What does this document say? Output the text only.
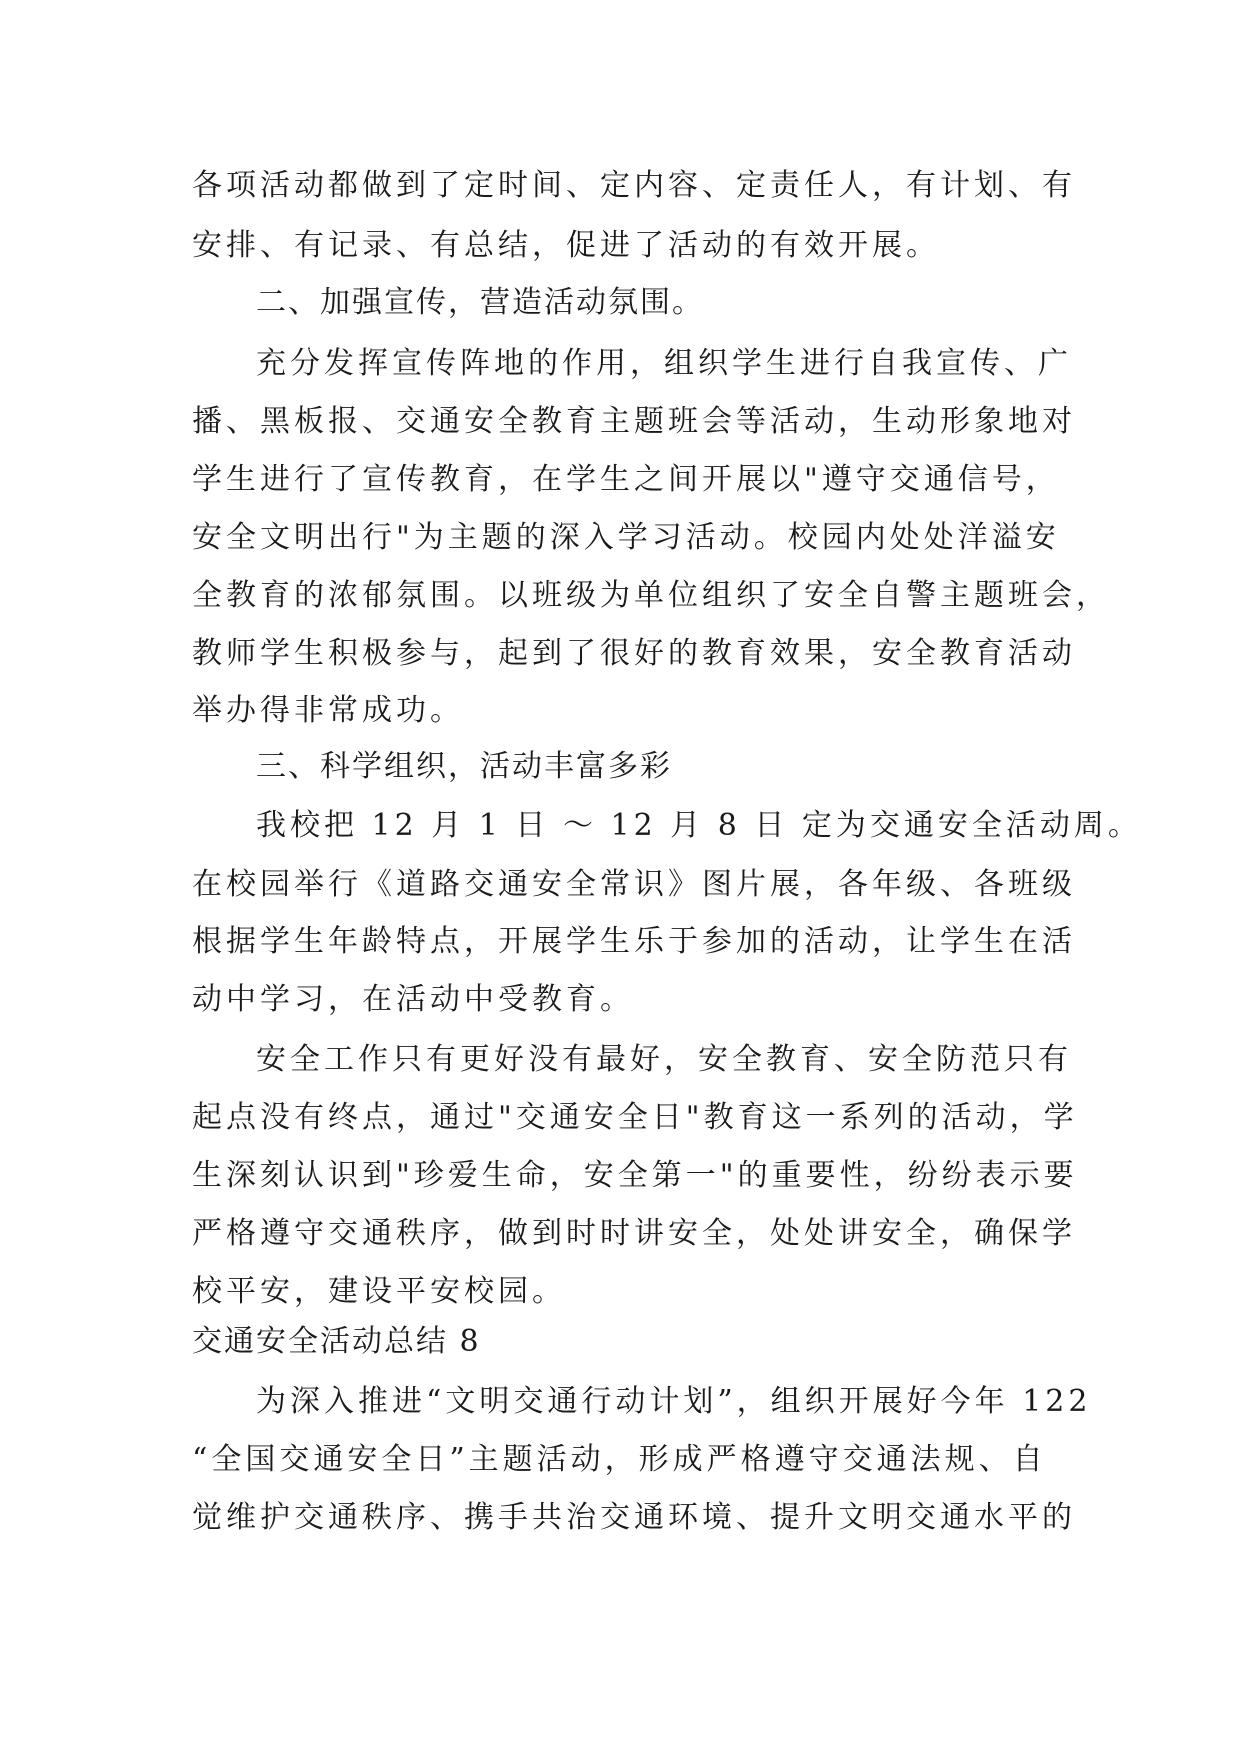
各项活动都做到了定时间、定内容、定责任人，有计划、有

安排、有记录、有总结，促进了活动的有效开展。

二、加强宣传，营造活动氛围。

充分发挥宣传阵地的作用，组织学生进行自我宣传、广

播、黑板报、交通安全教育主题班会等活动，生动形象地对

学生进行了宣传教育，在学生之间开展以"遵守交通信号，

安全文明出行"为主题的深入学习活动。校园内处处洋溢安

全教育的浓郁氛围。以班级为单位组织了安全自警主题班会，

教师学生积极参与，起到了很好的教育效果，安全教育活动

举办得非常成功。

三、科学组织，活动丰富多彩

我校把 12 月 1 日 ～ 12 月 8 日 定为交通安全活动周。

在校园举行《道路交通安全常识》图片展，各年级、各班级

根据学生年龄特点，开展学生乐于参加的活动，让学生在活

动中学习，在活动中受教育。

安全工作只有更好没有最好，安全教育、安全防范只有

起点没有终点，通过"交通安全日"教育这一系列的活动，学

生深刻认识到"珍爱生命，安全第一"的重要性，纷纷表示要

严格遵守交通秩序，做到时时讲安全，处处讲安全，确保学

校平安，建设平安校园。

交通安全活动总结 8

为深入推进“文明交通行动计划”，组织开展好今年 122

“全国交通安全日”主题活动，形成严格遵守交通法规、自

觉维护交通秩序、携手共治交通环境、提升文明交通水平的
